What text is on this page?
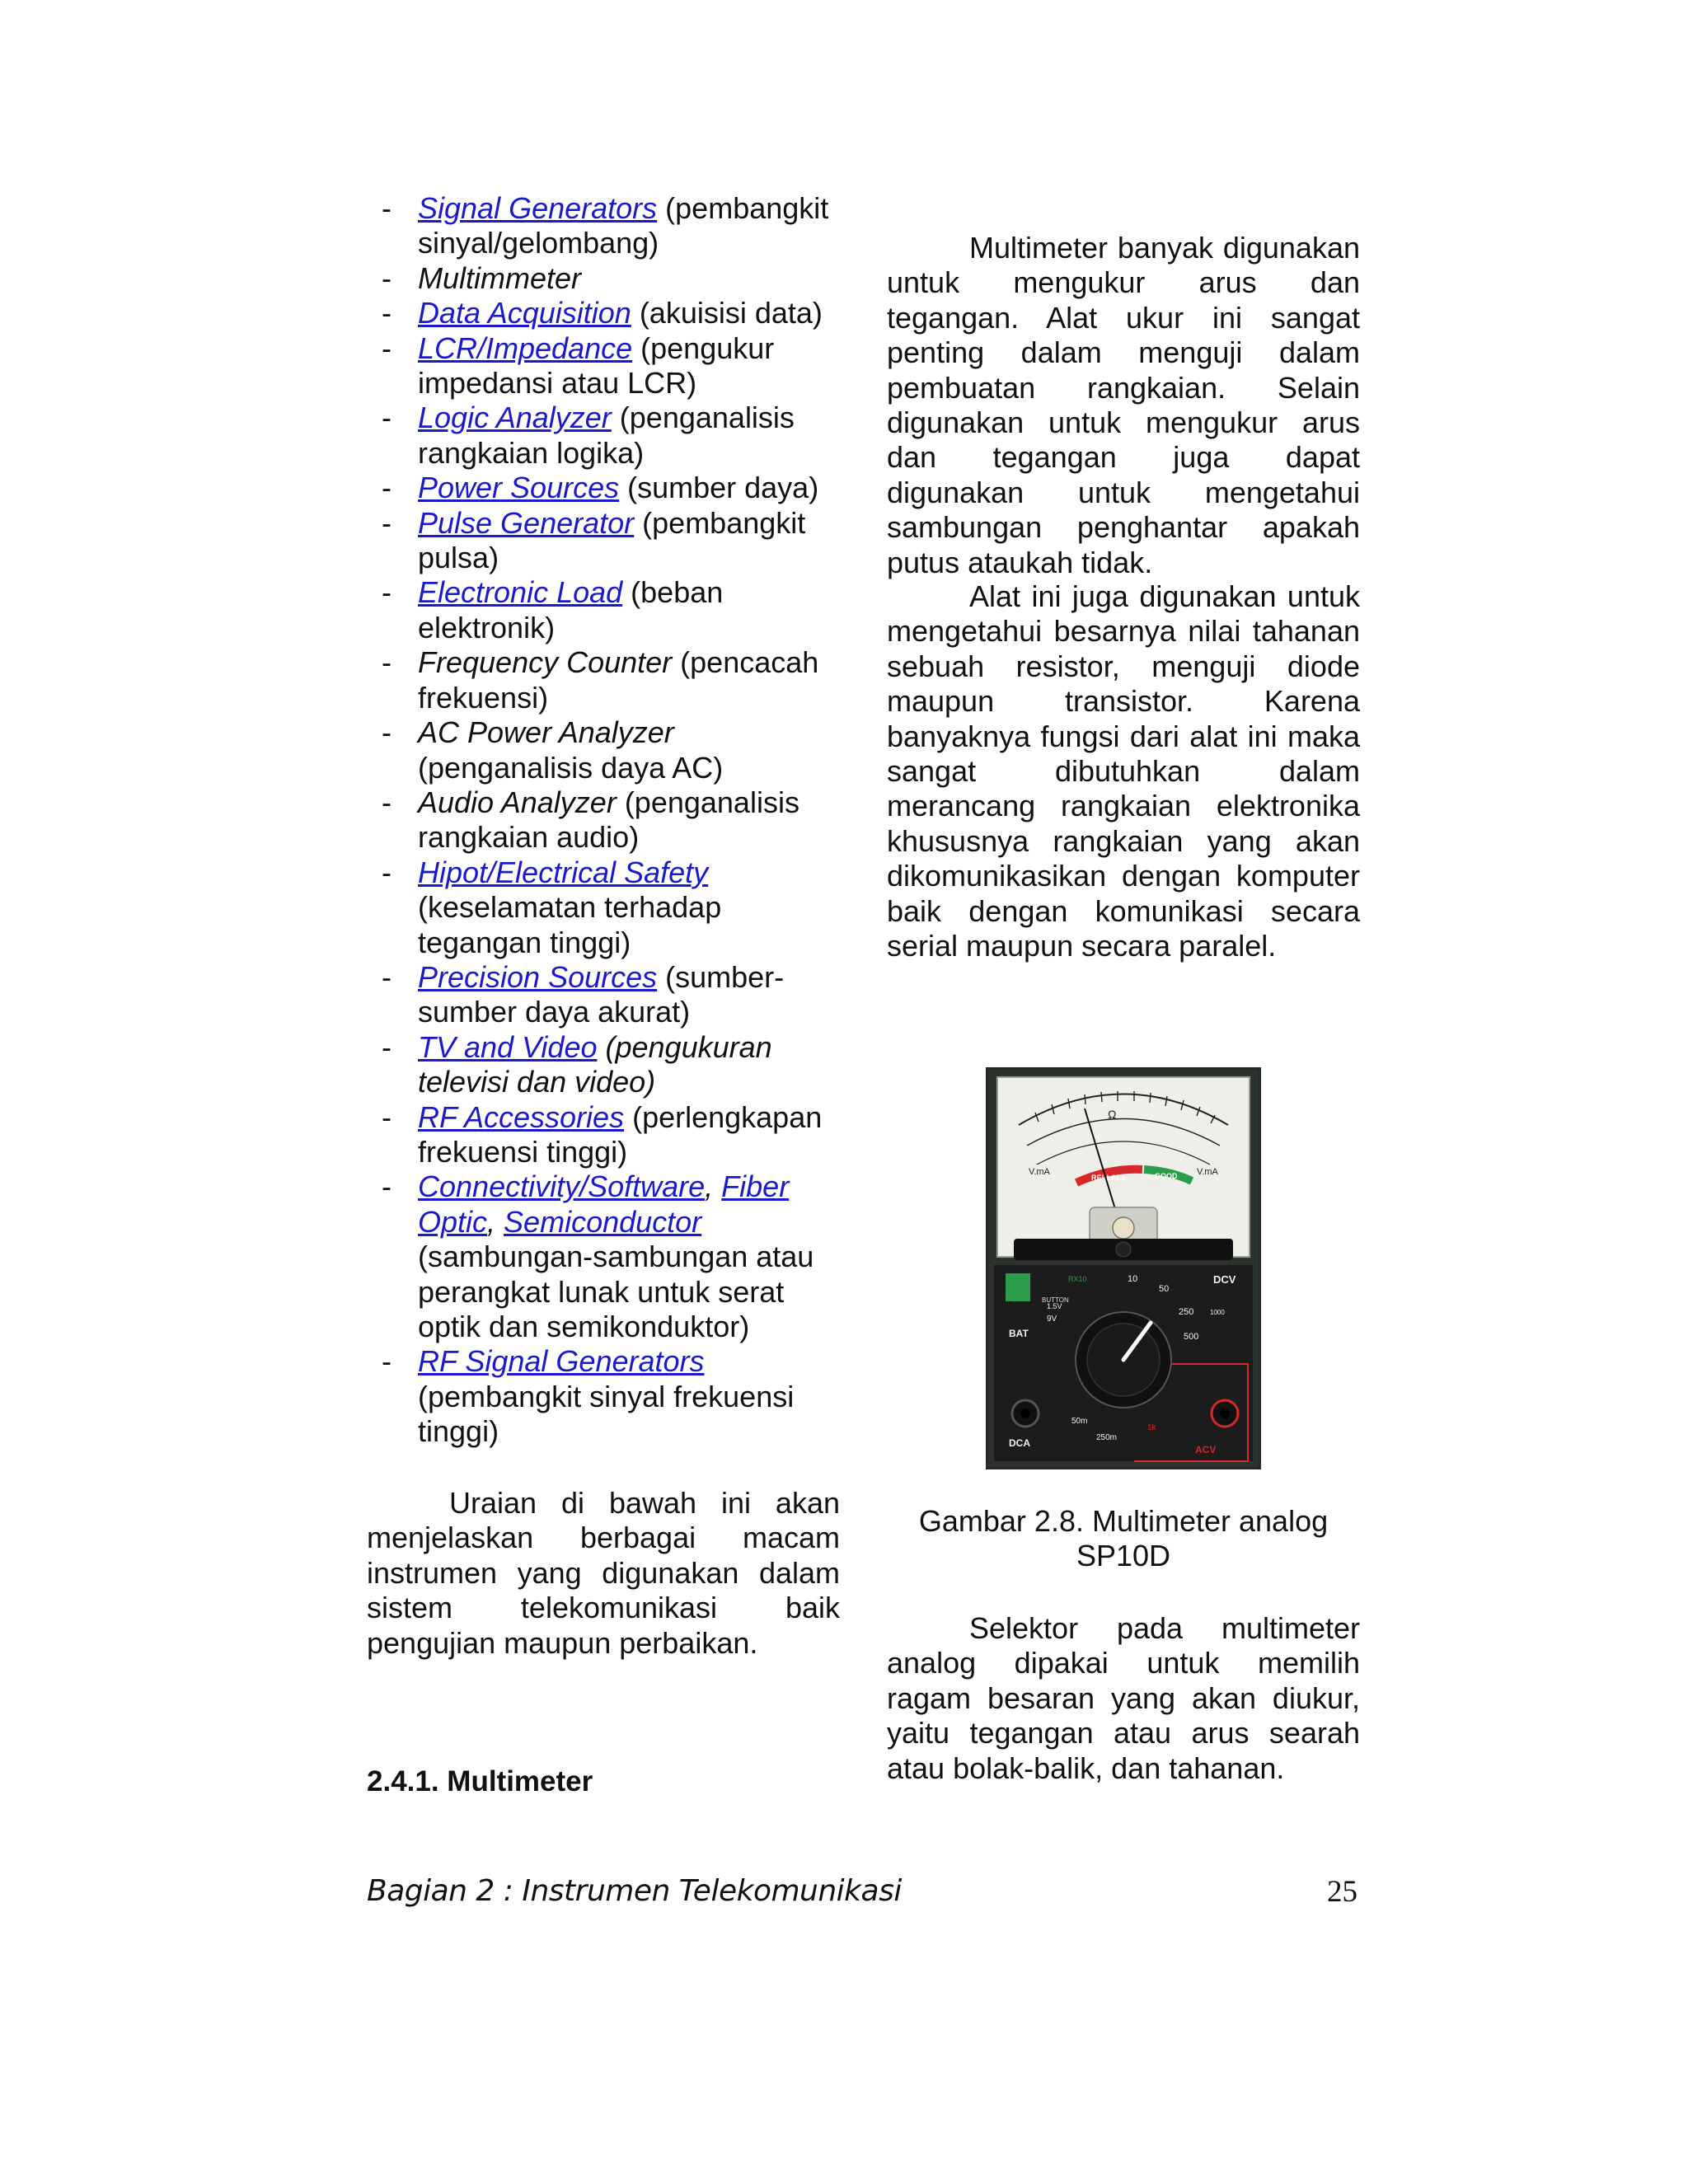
- Signal Generators (pembangkit sinyal/gelombang)
- Multimmeter
- Data Acquisition (akuisisi data)
- LCR/Impedance (pengukur impedansi atau LCR)
- Logic Analyzer (penganalisis rangkaian logika)
- Power Sources (sumber daya)
- Pulse Generator (pembangkit pulsa)
- Electronic Load (beban elektronik)
- Frequency Counter (pencacah frekuensi)
- AC Power Analyzer (penganalisis daya AC)
- Audio Analyzer (penganalisis rangkaian audio)
- Hipot/Electrical Safety
(keselamatan terhadap tegangan tinggi)
- Precision Sources (sumber-sumber daya akurat)
- TV and Video (pengukuran televisi dan video)
- RF Accessories (perlengkapan frekuensi tinggi)
- Connectivity/Software, Fiber Optic, Semiconductor
(sambungan-sambungan atau perangkat lunak untuk serat optik dan semikonduktor)
- RF Signal Generators
(pembangkit sinyal frekuensi tinggi)

Uraian di bawah ini akan menjelaskan berbagai macam instrumen yang digunakan dalam sistem telekomunikasi baik pengujian maupun perbaikan.

2.4.1. Multimeter

Multimeter banyak digunakan untuk mengukur arus dan tegangan. Alat ukur ini sangat penting dalam menguji dalam pembuatan rangkaian. Selain digunakan untuk mengukur arus dan tegangan juga dapat digunakan untuk mengetahui sambungan penghantar apakah putus ataukah tidak.

Alat ini juga digunakan untuk mengetahui besarnya nilai tahanan sebuah resistor, menguji diode maupun transistor. Karena banyaknya fungsi dari alat ini maka sangat dibutuhkan dalam merancang rangkaian elektronika khususnya rangkaian yang akan dikomunikasikan dengan komputer baik dengan komunikasi secara serial maupun secara paralel.

REPLACE	GOOD
V.mA	V.mA
Ω
DCV
BAT
RX10
BUTTON
10
50
250
500
1000
9V
1.5V
50m
250m
DCA
1k
ACV

Gambar 2.8. Multimeter analog SP10D

Selektor pada multimeter analog dipakai untuk memilih ragam besaran yang akan diukur, yaitu tegangan atau arus searah atau bolak-balik, dan tahanan.

Bagian 2 : Instrumen Telekomunikasi	25
